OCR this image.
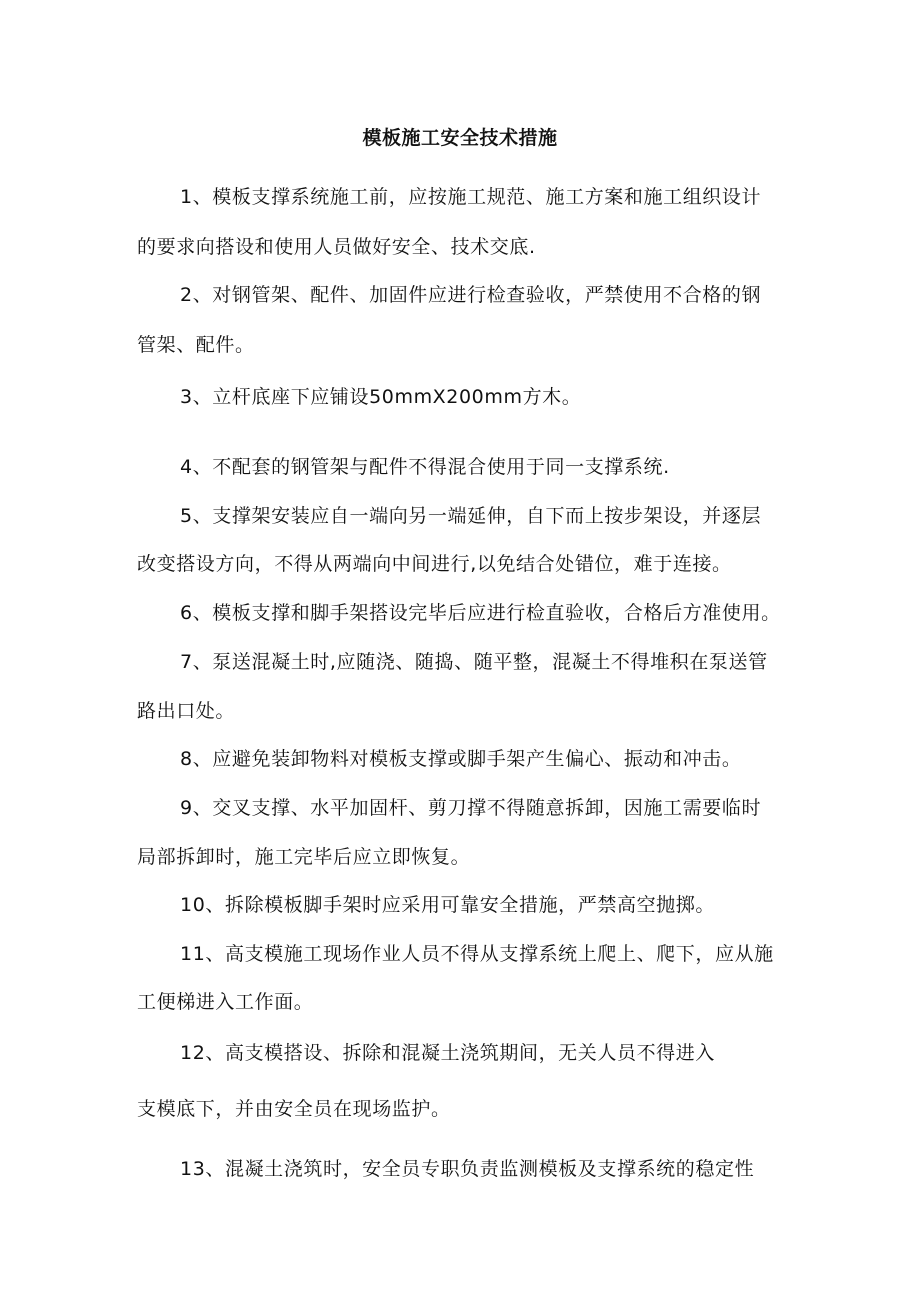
模板施工安全技术措施
1、模板支撑系统施工前，应按施工规范、施工方案和施工组织设计
的要求向搭设和使用人员做好安全、技术交底.
2、对钢管架、配件、加固件应进行检查验收，严禁使用不合格的钢
管架、配件。
3、立杆底座下应铺设50mmX200mm方木。
4、不配套的钢管架与配件不得混合使用于同一支撑系统.
5、支撑架安装应自一端向另一端延伸，自下而上按步架设，并逐层
改变搭设方向，不得从两端向中间进行,以免结合处错位，难于连接。
6、模板支撑和脚手架搭设完毕后应进行检直验收，合格后方准使用。
7、泵送混凝土时,应随浇、随捣、随平整，混凝土不得堆积在泵送管
路出口处。
8、应避免装卸物料对模板支撑或脚手架产生偏心、振动和冲击。
9、交叉支撑、水平加固杆、剪刀撑不得随意拆卸，因施工需要临时
局部拆卸时，施工完毕后应立即恢复。
10、拆除模板脚手架时应采用可靠安全措施，严禁高空抛掷。
11、高支模施工现场作业人员不得从支撑系统上爬上、爬下，应从施
工便梯进入工作面。
12、高支模搭设、拆除和混凝土浇筑期间，无关人员不得进入
支模底下，并由安全员在现场监护。
13、混凝土浇筑时，安全员专职负责监测模板及支撑系统的稳定性
